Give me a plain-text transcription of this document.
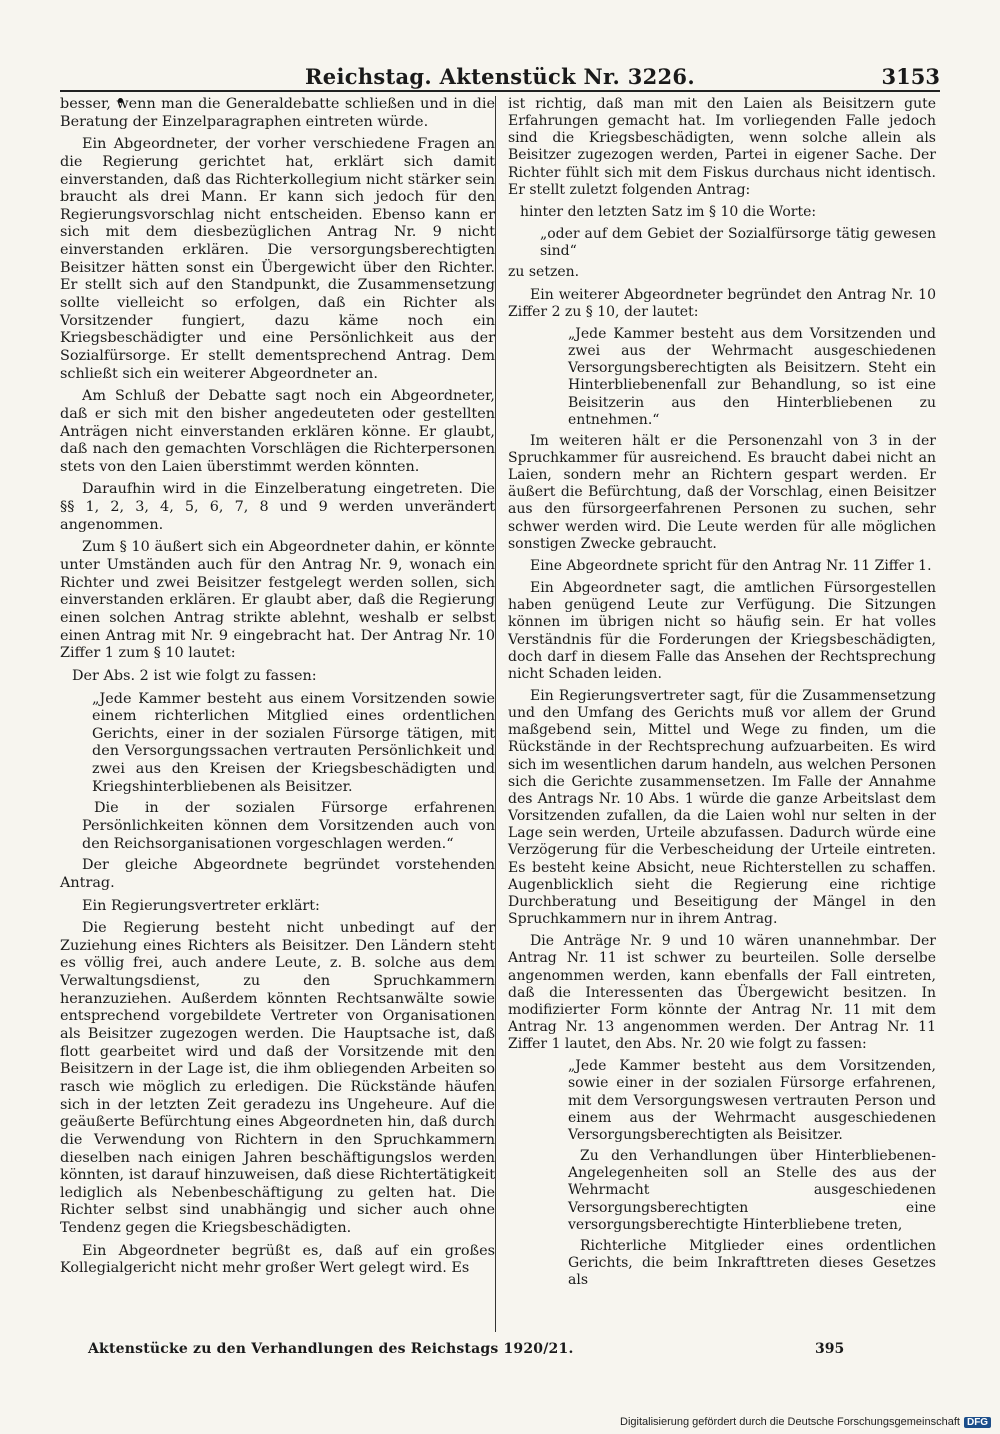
Reichstag. Aktenstück Nr. 3226.	3153

besser, wenn man die Generaldebatte schließen und in die Beratung der Einzelparagraphen eintreten würde.

Ein Abgeordneter, der vorher verschiedene Fragen an die Regierung gerichtet hat, erklärt sich damit einverstanden, daß das Richterkollegium nicht stärker sein braucht als drei Mann. Er kann sich jedoch für den Regierungsvorschlag nicht entscheiden. Ebenso kann er sich mit dem diesbezüglichen Antrag Nr. 9 nicht einverstanden erklären. Die versorgungsberechtigten Beisitzer hätten sonst ein Übergewicht über den Richter. Er stellt sich auf den Standpunkt, die Zusammensetzung sollte vielleicht so erfolgen, daß ein Richter als Vorsitzender fungiert, dazu käme noch ein Kriegsbeschädigter und eine Persönlichkeit aus der Sozialfürsorge. Er stellt dementsprechend Antrag. Dem schließt sich ein weiterer Abgeordneter an.

Am Schluß der Debatte sagt noch ein Abgeordneter, daß er sich mit den bisher angedeuteten oder gestellten Anträgen nicht einverstanden erklären könne. Er glaubt, daß nach den gemachten Vorschlägen die Richterpersonen stets von den Laien überstimmt werden könnten.

Daraufhin wird in die Einzelberatung eingetreten. Die §§ 1, 2, 3, 4, 5, 6, 7, 8 und 9 werden unverändert angenommen.

Zum § 10 äußert sich ein Abgeordneter dahin, er könnte unter Umständen auch für den Antrag Nr. 9, wonach ein Richter und zwei Beisitzer festgelegt werden sollen, sich einverstanden erklären. Er glaubt aber, daß die Regierung einen solchen Antrag strikte ablehnt, weshalb er selbst einen Antrag mit Nr. 9 eingebracht hat. Der Antrag Nr. 10 Ziffer 1 zum § 10 lautet:

Der Abs. 2 ist wie folgt zu fassen:

„Jede Kammer besteht aus einem Vorsitzenden sowie einem richterlichen Mitglied eines ordentlichen Gerichts, einer in der sozialen Fürsorge tätigen, mit den Versorgungssachen vertrauten Persönlichkeit und zwei aus den Kreisen der Kriegsbeschädigten und Kriegshinterbliebenen als Beisitzer.

Die in der sozialen Fürsorge erfahrenen Persönlichkeiten können dem Vorsitzenden auch von den Reichsorganisationen vorgeschlagen werden.“

Der gleiche Abgeordnete begründet vorstehenden Antrag.

Ein Regierungsvertreter erklärt:

Die Regierung besteht nicht unbedingt auf der Zuziehung eines Richters als Beisitzer. Den Ländern steht es völlig frei, auch andere Leute, z. B. solche aus dem Verwaltungsdienst, zu den Spruchkammern heranzuziehen. Außerdem könnten Rechtsanwälte sowie entsprechend vorgebildete Vertreter von Organisationen als Beisitzer zugezogen werden. Die Hauptsache ist, daß flott gearbeitet wird und daß der Vorsitzende mit den Beisitzern in der Lage ist, die ihm obliegenden Arbeiten so rasch wie möglich zu erledigen. Die Rückstände häufen sich in der letzten Zeit geradezu ins Ungeheure. Auf die geäußerte Befürchtung eines Abgeordneten hin, daß durch die Verwendung von Richtern in den Spruchkammern dieselben nach einigen Jahren beschäftigungslos werden könnten, ist darauf hinzuweisen, daß diese Richtertätigkeit lediglich als Nebenbeschäftigung zu gelten hat. Die Richter selbst sind unabhängig und sicher auch ohne Tendenz gegen die Kriegsbeschädigten.

Ein Abgeordneter begrüßt es, daß auf ein großes Kollegialgericht nicht mehr großer Wert gelegt wird. Es

ist richtig, daß man mit den Laien als Beisitzern gute Erfahrungen gemacht hat. Im vorliegenden Falle jedoch sind die Kriegsbeschädigten, wenn solche allein als Beisitzer zugezogen werden, Partei in eigener Sache. Der Richter fühlt sich mit dem Fiskus durchaus nicht identisch. Er stellt zuletzt folgenden Antrag:

hinter den letzten Satz im § 10 die Worte:

„oder auf dem Gebiet der Sozialfürsorge tätig gewesen sind“

zu setzen.

Ein weiterer Abgeordneter begründet den Antrag Nr. 10 Ziffer 2 zu § 10, der lautet:

„Jede Kammer besteht aus dem Vorsitzenden und zwei aus der Wehrmacht ausgeschiedenen Versorgungsberechtigten als Beisitzern. Steht ein Hinterbliebenenfall zur Behandlung, so ist eine Beisitzerin aus den Hinterbliebenen zu entnehmen.“

Im weiteren hält er die Personenzahl von 3 in der Spruchkammer für ausreichend. Es braucht dabei nicht an Laien, sondern mehr an Richtern gespart werden. Er äußert die Befürchtung, daß der Vorschlag, einen Beisitzer aus den fürsorgeerfahrenen Personen zu suchen, sehr schwer werden wird. Die Leute werden für alle möglichen sonstigen Zwecke gebraucht.

Eine Abgeordnete spricht für den Antrag Nr. 11 Ziffer 1.

Ein Abgeordneter sagt, die amtlichen Fürsorgestellen haben genügend Leute zur Verfügung. Die Sitzungen können im übrigen nicht so häufig sein. Er hat volles Verständnis für die Forderungen der Kriegsbeschädigten, doch darf in diesem Falle das Ansehen der Rechtsprechung nicht Schaden leiden.

Ein Regierungsvertreter sagt, für die Zusammensetzung und den Umfang des Gerichts muß vor allem der Grund maßgebend sein, Mittel und Wege zu finden, um die Rückstände in der Rechtsprechung aufzuarbeiten. Es wird sich im wesentlichen darum handeln, aus welchen Personen sich die Gerichte zusammensetzen. Im Falle der Annahme des Antrags Nr. 10 Abs. 1 würde die ganze Arbeitslast dem Vorsitzenden zufallen, da die Laien wohl nur selten in der Lage sein werden, Urteile abzufassen. Dadurch würde eine Verzögerung für die Verbescheidung der Urteile eintreten. Es besteht keine Absicht, neue Richterstellen zu schaffen. Augenblicklich sieht die Regierung eine richtige Durchberatung und Beseitigung der Mängel in den Spruchkammern nur in ihrem Antrag.

Die Anträge Nr. 9 und 10 wären unannehmbar. Der Antrag Nr. 11 ist schwer zu beurteilen. Solle derselbe angenommen werden, kann ebenfalls der Fall eintreten, daß die Interessenten das Übergewicht besitzen. In modifizierter Form könnte der Antrag Nr. 11 mit dem Antrag Nr. 13 angenommen werden. Der Antrag Nr. 11 Ziffer 1 lautet, den Abs. Nr. 20 wie folgt zu fassen:

„Jede Kammer besteht aus dem Vorsitzenden, sowie einer in der sozialen Fürsorge erfahrenen, mit dem Versorgungswesen vertrauten Person und einem aus der Wehrmacht ausgeschiedenen Versorgungsberechtigten als Beisitzer.

Zu den Verhandlungen über Hinterbliebenen-Angelegenheiten soll an Stelle des aus der Wehrmacht ausgeschiedenen Versorgungsberechtigten eine versorgungsberechtigte Hinterbliebene treten,

Richterliche Mitglieder eines ordentlichen Gerichts, die beim Inkrafttreten dieses Gesetzes als

Aktenstücke zu den Verhandlungen des Reichstags 1920/21.	395
Digitalisierung gefördert durch die Deutsche Forschungsgemeinschaft DFG
